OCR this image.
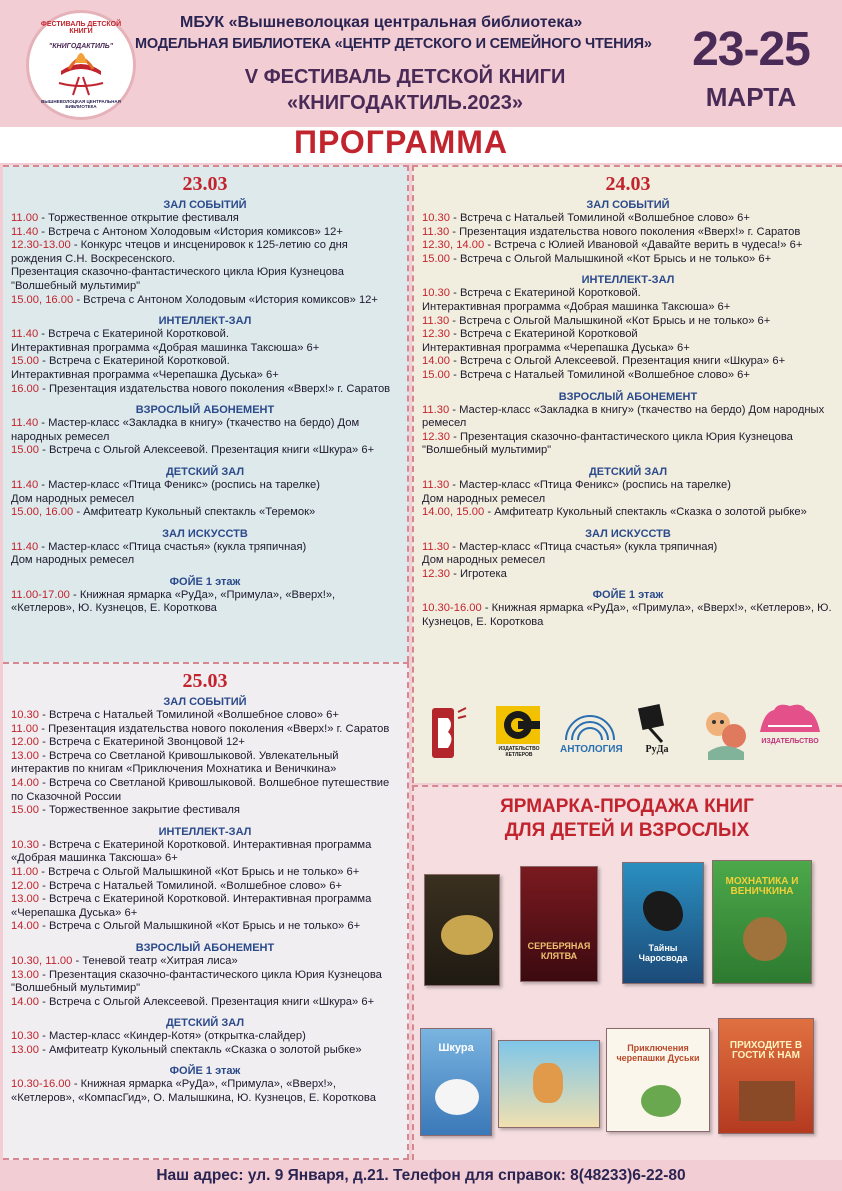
ФЕСТИВАЛЬ ДЕТСКОЙ КНИГИ
"КНИГОДАКТИЛЬ"
ВЫШНЕВОЛОЦКАЯ ЦЕНТРАЛЬНАЯ БИБЛИОТЕКА
МБУК «Вышневолоцкая центральная библиотека»
МОДЕЛЬНАЯ БИБЛИОТЕКА «ЦЕНТР ДЕТСКОГО И СЕМЕЙНОГО ЧТЕНИЯ»
V ФЕСТИВАЛЬ ДЕТСКОЙ КНИГИ
«КНИГОДАКТИЛЬ.2023»
23-25
МАРТА
ПРОГРАММА
23.03
ЗАЛ СОБЫТИЙ
11.00 - Торжественное открытие фестиваля
11.40 - Встреча с Антоном Холодовым «История комиксов» 12+
12.30-13.00 - Конкурс чтецов и инсценировок к 125-летию со дня рождения С.Н. Воскресенского.
Презентация сказочно-фантастического цикла Юрия Кузнецова "Волшебный мультимир"
15.00, 16.00 - Встреча с Антоном Холодовым «История комиксов» 12+
ИНТЕЛЛЕКТ-ЗАЛ
11.40 - Встреча с Екатериной Коротковой.
Интерактивная программа «Добрая машинка Таксюша» 6+
15.00 - Встреча с Екатериной Коротковой.
Интерактивная программа «Черепашка Дуська» 6+
16.00 - Презентация издательства нового поколения «Вверх!» г. Саратов
ВЗРОСЛЫЙ АБОНЕМЕНТ
11.40 - Мастер-класс «Закладка в книгу» (ткачество на бердо) Дом народных ремесел
15.00 - Встреча с Ольгой Алексеевой. Презентация книги «Шкура» 6+
ДЕТСКИЙ ЗАЛ
11.40 - Мастер-класс «Птица Феникс» (роспись на тарелке)
Дом народных ремесел
15.00, 16.00 - Амфитеатр Кукольный спектакль «Теремок»
ЗАЛ ИСКУССТВ
11.40 - Мастер-класс «Птица счастья» (кукла тряпичная)
Дом народных ремесел
ФОЙЕ 1 этаж
11.00-17.00 - Книжная ярмарка «РуДа», «Примула», «Вверх!», «Кетлеров», Ю. Кузнецов, Е. Короткова
24.03
ЗАЛ СОБЫТИЙ
10.30 - Встреча с Натальей Томилиной «Волшебное слово» 6+
11.30 - Презентация издательства нового поколения «Вверх!» г. Саратов
12.30, 14.00 - Встреча с Юлией Ивановой «Давайте верить в чудеса!» 6+
15.00 - Встреча с Ольгой Малышкиной «Кот Брысь и не только» 6+
ИНТЕЛЛЕКТ-ЗАЛ
10.30 - Встреча с Екатериной Коротковой.
Интерактивная программа «Добрая машинка Таксюша» 6+
11.30 - Встреча с Ольгой Малышкиной «Кот Брысь и не только» 6+
12.30 - Встреча с Екатериной Коротковой
Интерактивная программа «Черепашка Дуська» 6+
14.00 - Встреча с Ольгой Алексеевой. Презентация книги «Шкура» 6+
15.00 - Встреча с Натальей Томилиной «Волшебное слово» 6+
ВЗРОСЛЫЙ АБОНЕМЕНТ
11.30 - Мастер-класс «Закладка в книгу» (ткачество на бердо) Дом народных ремесел
12.30 - Презентация сказочно-фантастического цикла Юрия Кузнецова "Волшебный мультимир"
ДЕТСКИЙ ЗАЛ
11.30 - Мастер-класс «Птица Феникс» (роспись на тарелке)
Дом народных ремесел
14.00, 15.00 - Амфитеатр Кукольный спектакль «Сказка о золотой рыбке»
ЗАЛ ИСКУССТВ
11.30 - Мастер-класс «Птица счастья» (кукла тряпичная)
Дом народных ремесел
12.30 - Игротека
ФОЙЕ 1 этаж
10.30-16.00 - Книжная ярмарка «РуДа», «Примула», «Вверх!», «Кетлеров», Ю. Кузнецов, Е. Короткова
25.03
ЗАЛ СОБЫТИЙ
10.30 - Встреча с Натальей Томилиной «Волшебное слово» 6+
11.00 - Презентация издательства нового поколения «Вверх!» г. Саратов
12.00 - Встреча с Екатериной Звонцовой 12+
13.00 - Встреча со Светланой Кривошлыковой. Увлекательный интерактив по книгам «Приключения Мохнатика и Веничкина»
14.00 - Встреча со Светланой Кривошлыковой. Волшебное путешествие по Сказочной России
15.00 - Торжественное закрытие фестиваля
ИНТЕЛЛЕКТ-ЗАЛ
10.30 - Встреча с Екатериной Коротковой. Интерактивная программа «Добрая машинка Таксюша» 6+
11.00 - Встреча с Ольгой Малышкиной «Кот Брысь и не только» 6+
12.00 - Встреча с Натальей Томилиной. «Волшебное слово» 6+
13.00 - Встреча с Екатериной Коротковой. Интерактивная программа «Черепашка Дуська» 6+
14.00 - Встреча с Ольгой Малышкиной «Кот Брысь и не только» 6+
ВЗРОСЛЫЙ АБОНЕМЕНТ
10.30, 11.00 - Теневой театр «Хитрая лиса»
13.00 - Презентация сказочно-фантастического цикла Юрия Кузнецова "Волшебный мультимир"
14.00 - Встреча с Ольгой Алексеевой. Презентация книги «Шкура» 6+
ДЕТСКИЙ ЗАЛ
10.30 - Мастер-класс «Киндер-Котя» (открытка-слайдер)
13.00 - Амфитеатр Кукольный спектакль «Сказка о золотой рыбке»
ФОЙЕ 1 этаж
10.30-16.00 - Книжная ярмарка «РуДа», «Примула», «Вверх!», «Кетлеров», «КомпасГид», О. Малышкина, Ю. Кузнецов, Е. Короткова
ИЗДАТЕЛЬСТВО КЕТЛЕРОВ	АНТОЛОГИЯ	РуДа
ИЗДАТЕЛЬСТВО
ЯРМАРКА-ПРОДАЖА КНИГ
ДЛЯ ДЕТЕЙ И ВЗРОСЛЫХ
СЕРЕБРЯНАЯ КЛЯТВА
Тайны Чаросвода
МОХНАТИКА И ВЕНИЧКИНА
Шкура	Приключения черепашки Дуськи
ПРИХОДИТЕ В ГОСТИ К НАМ
Наш адрес: ул. 9 Января, д.21. Телефон для справок: 8(48233)6-22-80
